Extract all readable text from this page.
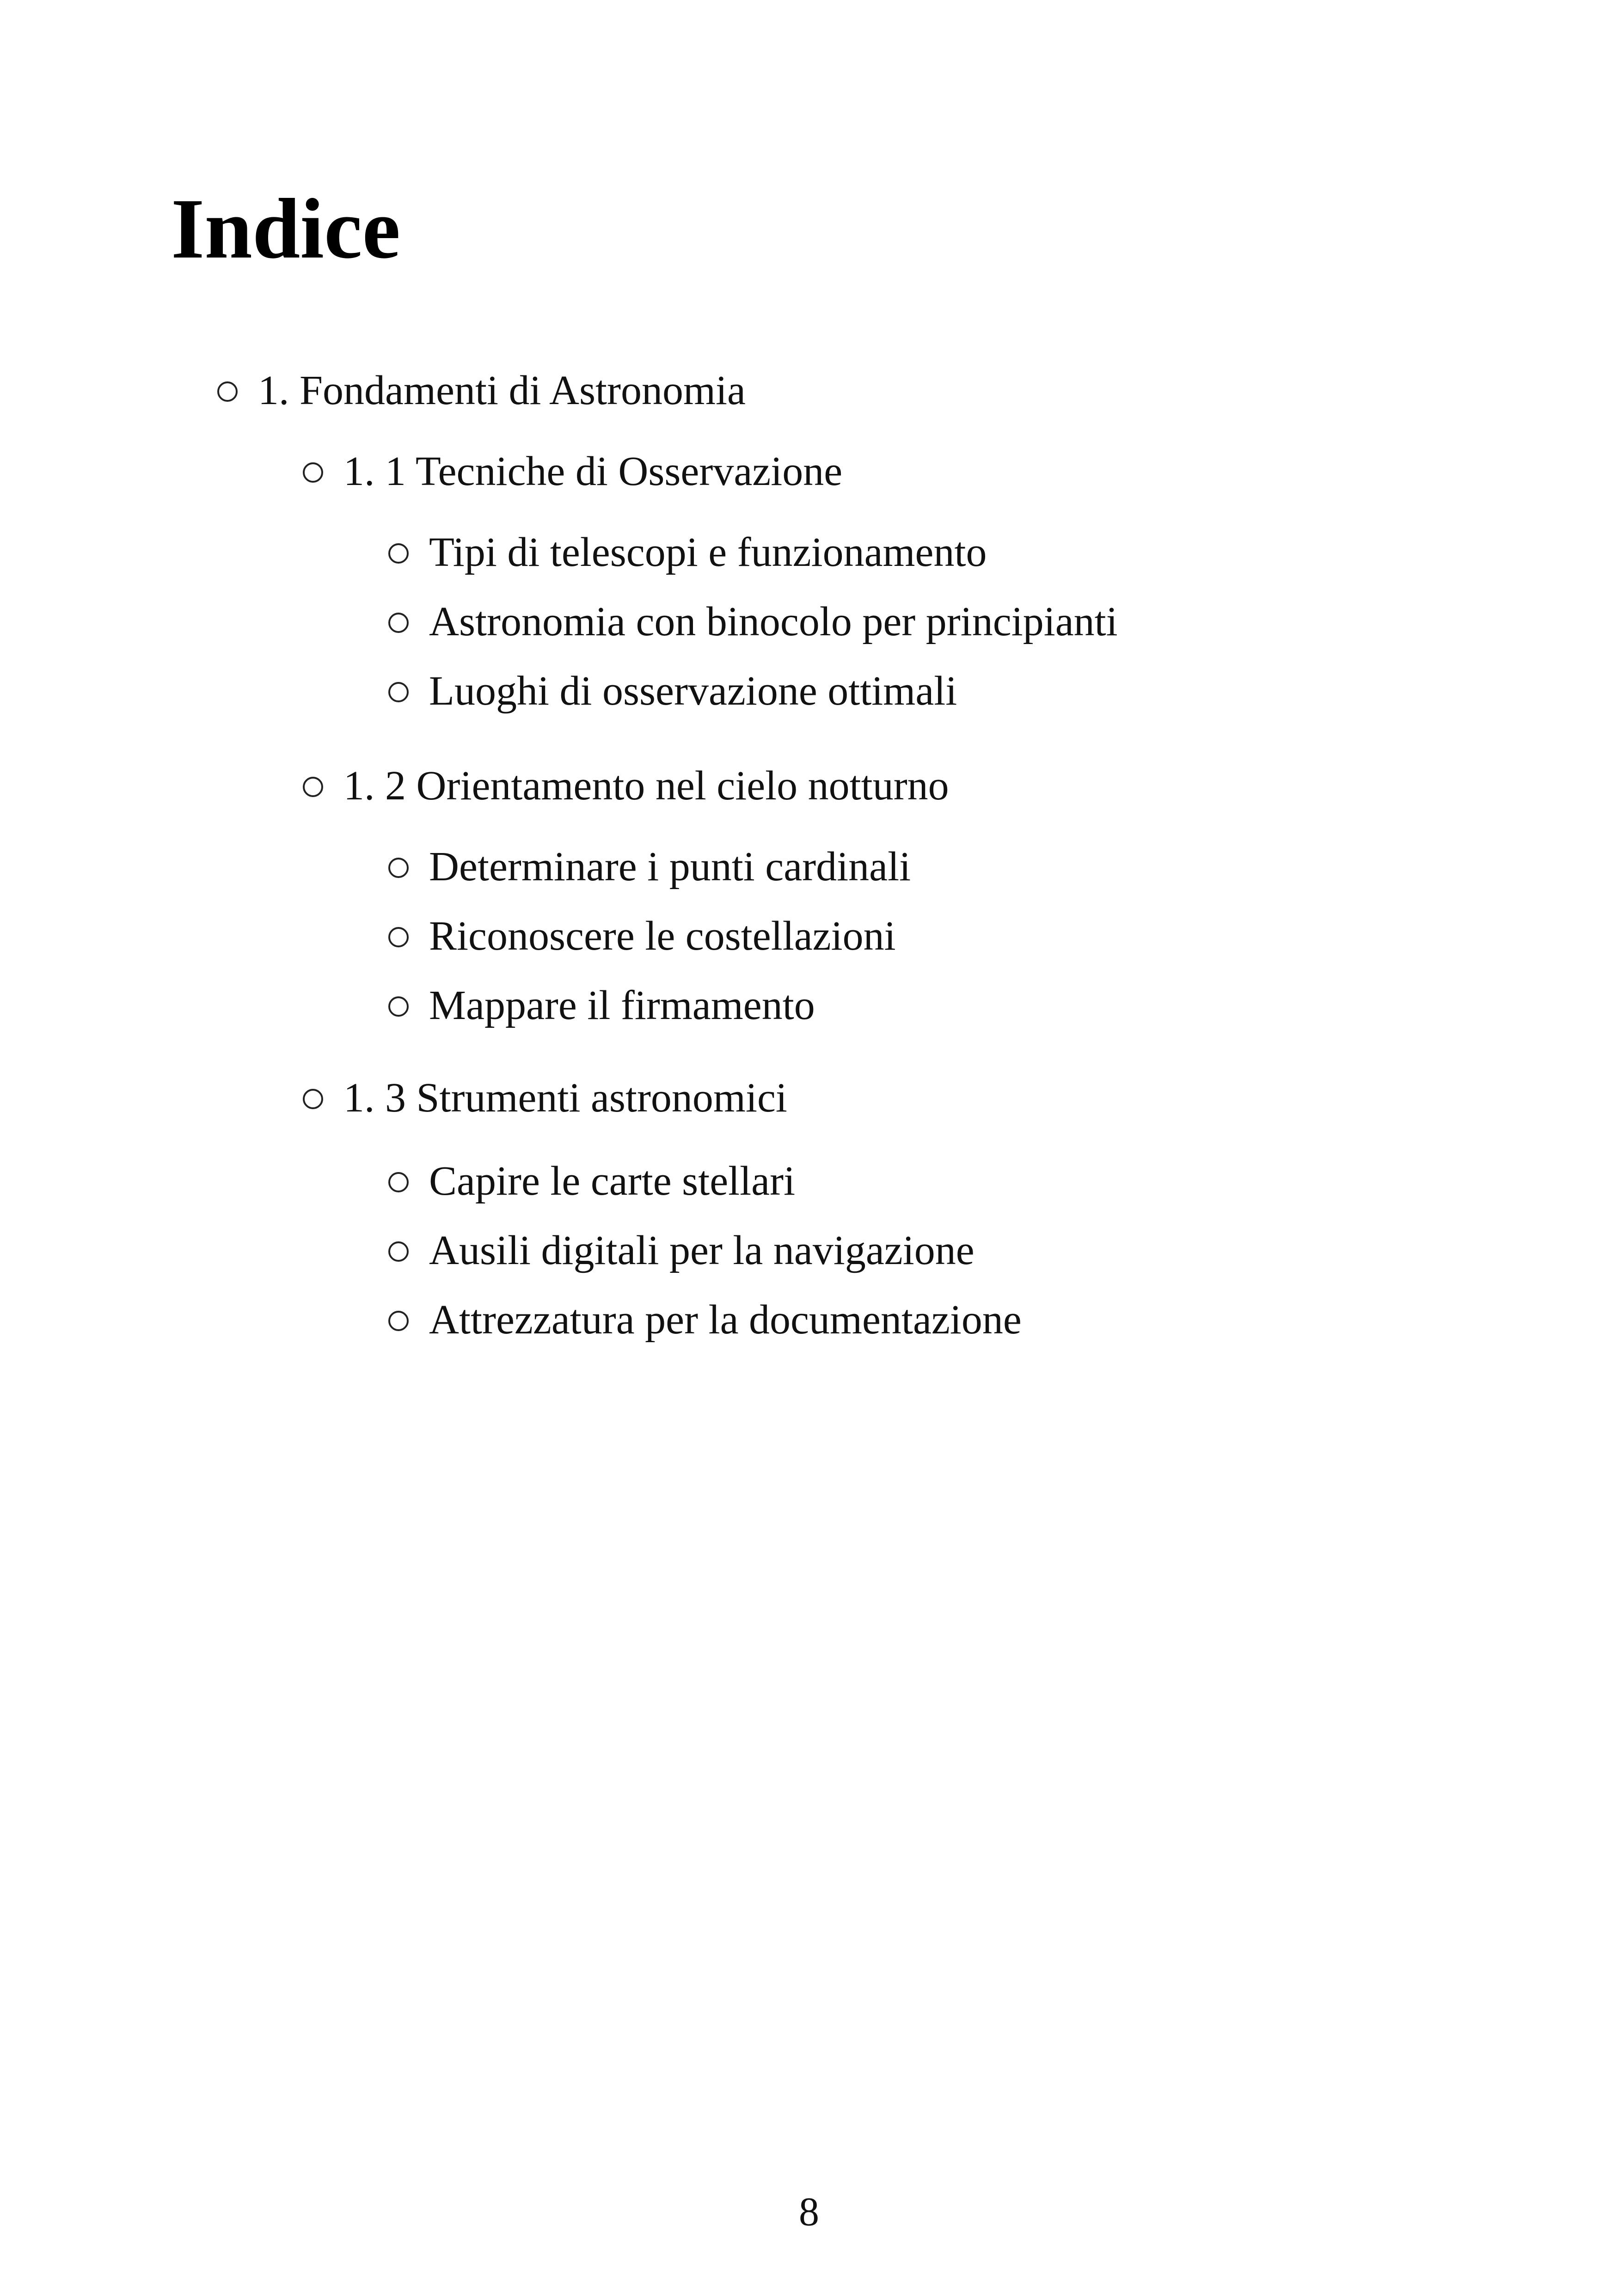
Indice
1. Fondamenti di Astronomia
1. 1 Tecniche di Osservazione
Tipi di telescopi e funzionamento
Astronomia con binocolo per principianti
Luoghi di osservazione ottimali
1. 2 Orientamento nel cielo notturno
Determinare i punti cardinali
Riconoscere le costellazioni
Mappare il firmamento
1. 3 Strumenti astronomici
Capire le carte stellari
Ausili digitali per la navigazione
Attrezzatura per la documentazione
8
